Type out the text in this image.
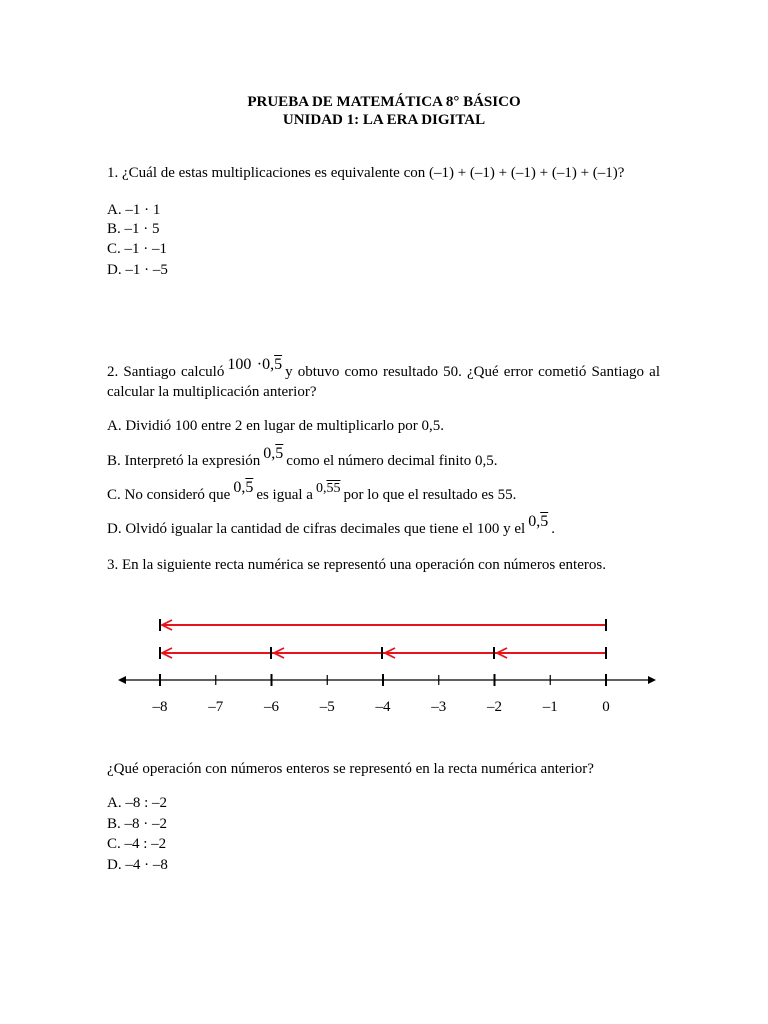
PRUEBA DE MATEMÁTICA 8° BÁSICO
UNIDAD 1: LA ERA DIGITAL
1. ¿Cuál de estas multiplicaciones es equivalente con (–1) + (–1) + (–1) + (–1) + (–1)?
A. –1 · 1
B. –1 · 5
C. –1 · –1
D. –1 · –5
2. Santiago calculó 100 ·0,5 y obtuvo como resultado 50. ¿Qué error cometió Santiago al calcular la multiplicación anterior?
A. Dividió 100 entre 2 en lugar de multiplicarlo por 0,5.
B. Interpretó la expresión 0,5 como el número decimal finito 0,5.
C. No consideró que 0,5 es igual a 0,55 por lo que el resultado es 55.
D. Olvidó igualar la cantidad de cifras decimales que tiene el 100 y el 0,5 .
3. En la siguiente recta numérica se representó una operación con números enteros.
–8	–7	–6	–5	–4	–3	–2	–1	0
¿Qué operación con números enteros se representó en la recta numérica anterior?
A. –8 : –2
B. –8 · –2
C. –4 : –2
D. –4 · –8
